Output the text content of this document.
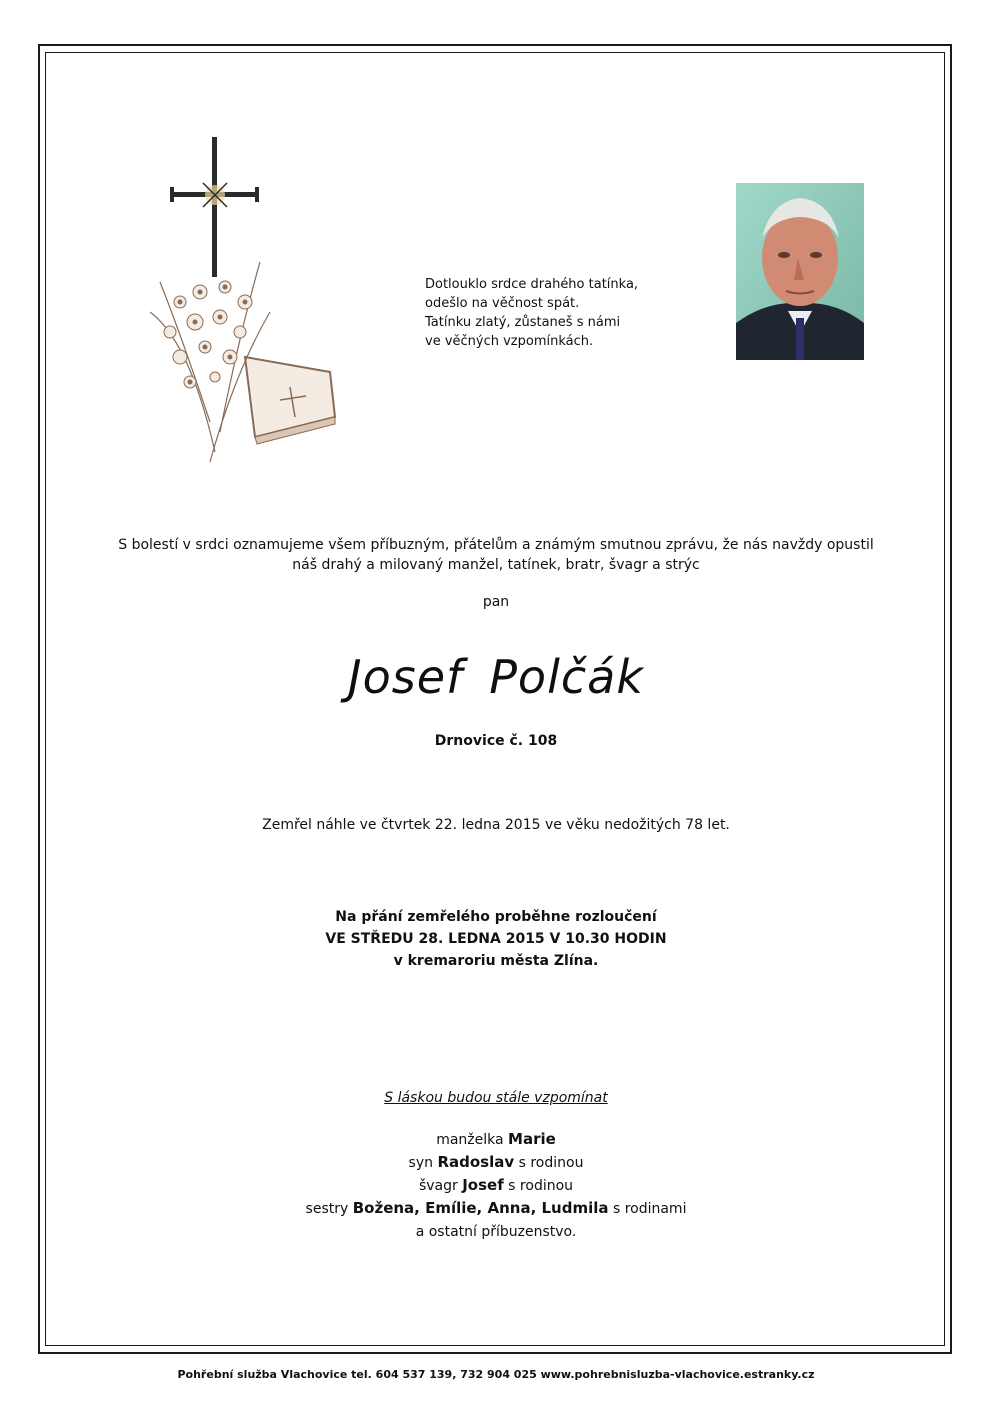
Dotlouklo srdce drahého tatínka,
odešlo na věčnost spát.
Tatínku zlatý, zůstaneš s námi
ve věčných vzpomínkách.
S bolestí v srdci oznamujeme všem příbuzným, přátelům a známým smutnou zprávu, že nás navždy opustil
náš drahý a milovaný manžel, tatínek, bratr, švagr a strýc
pan
Josef Polčák
Drnovice č. 108
Zemřel náhle ve čtvrtek 22. ledna 2015 ve věku nedožitých 78 let.
Na přání zemřelého proběhne rozloučení
VE STŘEDU 28. LEDNA 2015 V 10.30 HODIN
v kremaroriu města Zlína.
S láskou budou stále vzpomínat
manželka Marie
syn Radoslav s rodinou
švagr Josef s rodinou
sestry Božena, Emílie, Anna, Ludmila s rodinami
a ostatní příbuzenstvo.
Pohřební služba Vlachovice tel. 604 537 139, 732 904 025 www.pohrebnisluzba-vlachovice.estranky.cz
